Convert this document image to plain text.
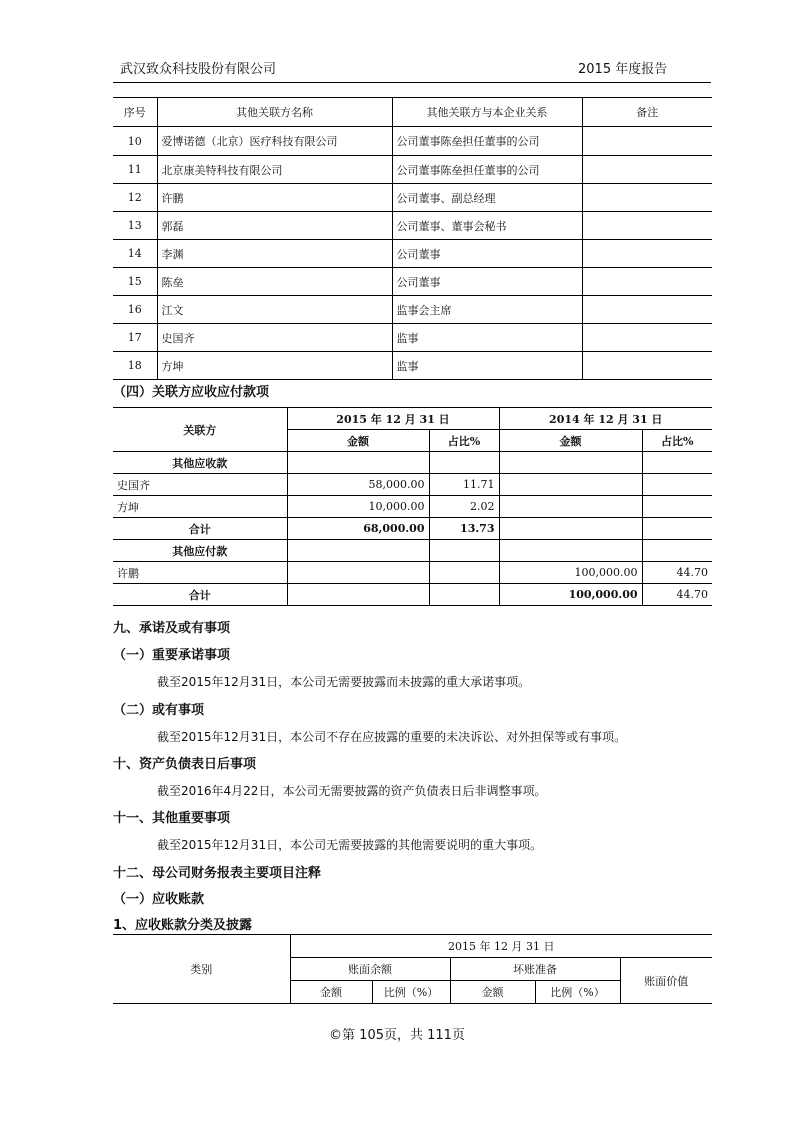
武汉致众科技股份有限公司	2015 年度报告
序号	其他关联方名称	其他关联方与本企业关系	备注
10	爱博诺德（北京）医疗科技有限公司	公司董事陈垒担任董事的公司	
11	北京康美特科技有限公司	公司董事陈垒担任董事的公司	
12	许鹏	公司董事、副总经理	
13	郭磊	公司董事、董事会秘书	
14	李渊	公司董事	
15	陈垒	公司董事	
16	江文	监事会主席	
17	史国齐	监事	
18	方坤	监事	
（四）关联方应收应付款项
关联方	2015 年 12 月 31 日		2014 年 12 月 31 日	
	金额	占比%	金额	占比%
其他应收款				
史国齐	58,000.00	11.71		
方坤	10,000.00	2.02		
合计	68,000.00	13.73		
其他应付款				
许鹏			100,000.00	44.70
合计			100,000.00	44.70
九、承诺及或有事项
（一）重要承诺事项
截至2015年12月31日，本公司无需要披露而未披露的重大承诺事项。
（二）或有事项
截至2015年12月31日，本公司不存在应披露的重要的未决诉讼、对外担保等或有事项。
十、资产负债表日后事项
截至2016年4月22日，本公司无需要披露的资产负债表日后非调整事项。
十一、其他重要事项
截至2015年12月31日，本公司无需要披露的其他需要说明的重大事项。
十二、母公司财务报表主要项目注释
（一）应收账款
1、应收账款分类及披露
类别	2015 年 12 月 31 日				
	账面余额		坏账准备		账面价值
	金额	比例（%）	金额	比例（%）	
©第 105页，共 111页
